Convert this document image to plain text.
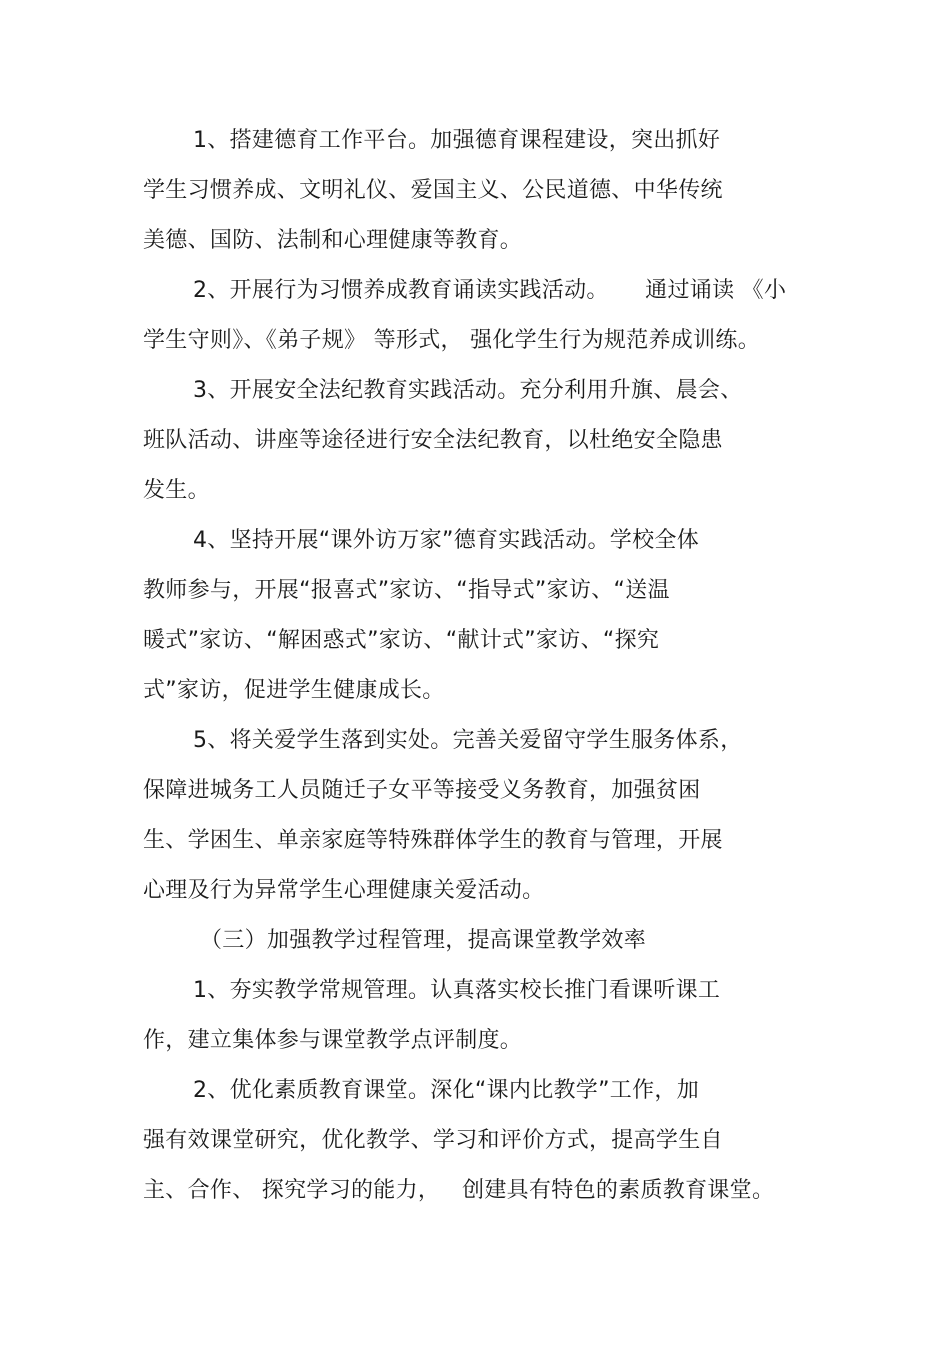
1、搭建德育工作平台。加强德育课程建设，突出抓好
学生习惯养成、文明礼仪、爱国主义、公民道德、中华传统
美德、国防、法制和心理健康等教育。
2、开展行为习惯养成教育诵读实践活动。     通过诵读 《小
学生守则》、《弟子规》 等形式， 强化学生行为规范养成训练。
3、开展安全法纪教育实践活动。充分利用升旗、晨会、
班队活动、讲座等途径进行安全法纪教育，以杜绝安全隐患
发生。
4、坚持开展“课外访万家”德育实践活动。学校全体
教师参与，开展“报喜式”家访、“指导式”家访、“送温
暖式”家访、“解困惑式”家访、“献计式”家访、“探究
式”家访，促进学生健康成长。
5、将关爱学生落到实处。完善关爱留守学生服务体系，
保障进城务工人员随迁子女平等接受义务教育，加强贫困
生、学困生、单亲家庭等特殊群体学生的教育与管理，开展
心理及行为异常学生心理健康关爱活动。
（三）加强教学过程管理，提高课堂教学效率
1、夯实教学常规管理。认真落实校长推门看课听课工
作，建立集体参与课堂教学点评制度。
2、优化素质教育课堂。深化“课内比教学”工作，加
强有效课堂研究，优化教学、学习和评价方式，提高学生自
主、合作、 探究学习的能力，   创建具有特色的素质教育课堂。
